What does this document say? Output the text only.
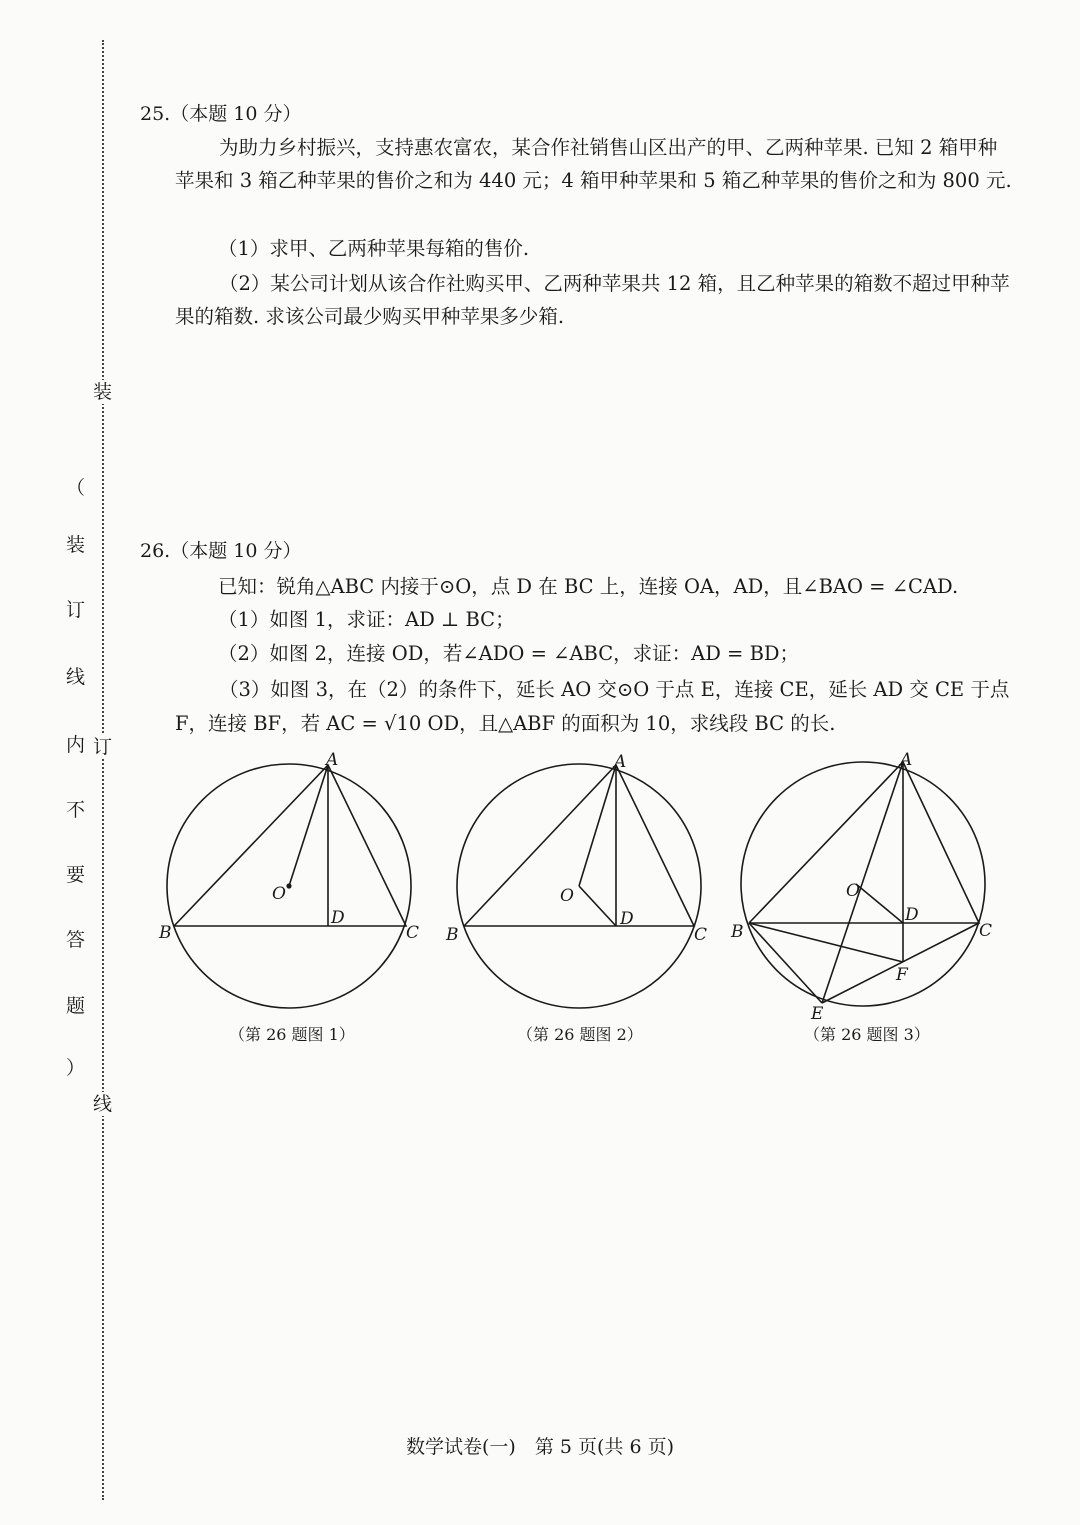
装
订
线
（
装
订
线
内
不
要
答
题
）
25.（本题 10 分）
为助力乡村振兴，支持惠农富农，某合作社销售山区出产的甲、乙两种苹果. 已知 2 箱甲种苹果和 3 箱乙种苹果的售价之和为 440 元；4 箱甲种苹果和 5 箱乙种苹果的售价之和为 800 元.
（1）求甲、乙两种苹果每箱的售价.
（2）某公司计划从该合作社购买甲、乙两种苹果共 12 箱，且乙种苹果的箱数不超过甲种苹果的箱数. 求该公司最少购买甲种苹果多少箱.
26.（本题 10 分）
已知：锐角△ABC 内接于⊙O，点 D 在 BC 上，连接 OA，AD，且∠BAO = ∠CAD.
（1）如图 1，求证：AD ⊥ BC；
（2）如图 2，连接 OD，若∠ADO = ∠ABC，求证：AD = BD；
（3）如图 3，在（2）的条件下，延长 AO 交⊙O 于点 E，连接 CE，延长 AD 交 CE 于点 F，连接 BF，若 AC = √10 OD，且△ABF 的面积为 10，求线段 BC 的长.
A
B	C
D
O
（第 26 题图 1）
A
B	C
D
O
（第 26 题图 2）
A
B	C
D
O
F
E
（第 26 题图 3）
数学试卷(一)　第 5 页(共 6 页)
